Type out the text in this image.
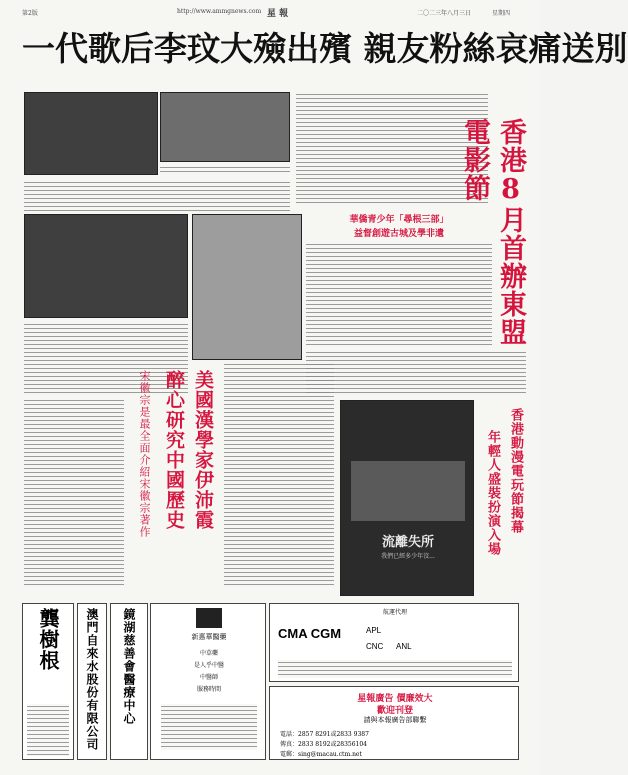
第2版	http://www.ammgnews.com 星 報	二〇二三年八月三日	星期四
一代歌后李玟大殮出殯 親友粉絲哀痛送別
香港8月首辦東盟電影節
華僑青少年「尋根三部」
益督創遊古城及學非遺
美國漢學家伊沛霞
醉心研究中國歷史
宋徽宗是最全面介紹宋徽宗著作
流離失所
我們已經多少年沒...
香港動漫電玩節揭幕
年輕人盛裝扮演入場
龔樹根 澳門自來水股份有限公司 鏡湖慈善會醫療中心	新惠華醫藥
中草藥
是人乎中醫
中醫師
服務時間
航運代理
CMA CGM	APL
CNC ANL
星報廣告 價廉效大
歡迎刊登
請與本報廣告部聯繫
電話：2857 8291或2833 9387
傳真：2833 8192或28356104
電郵：sing@macau.ctm.net
